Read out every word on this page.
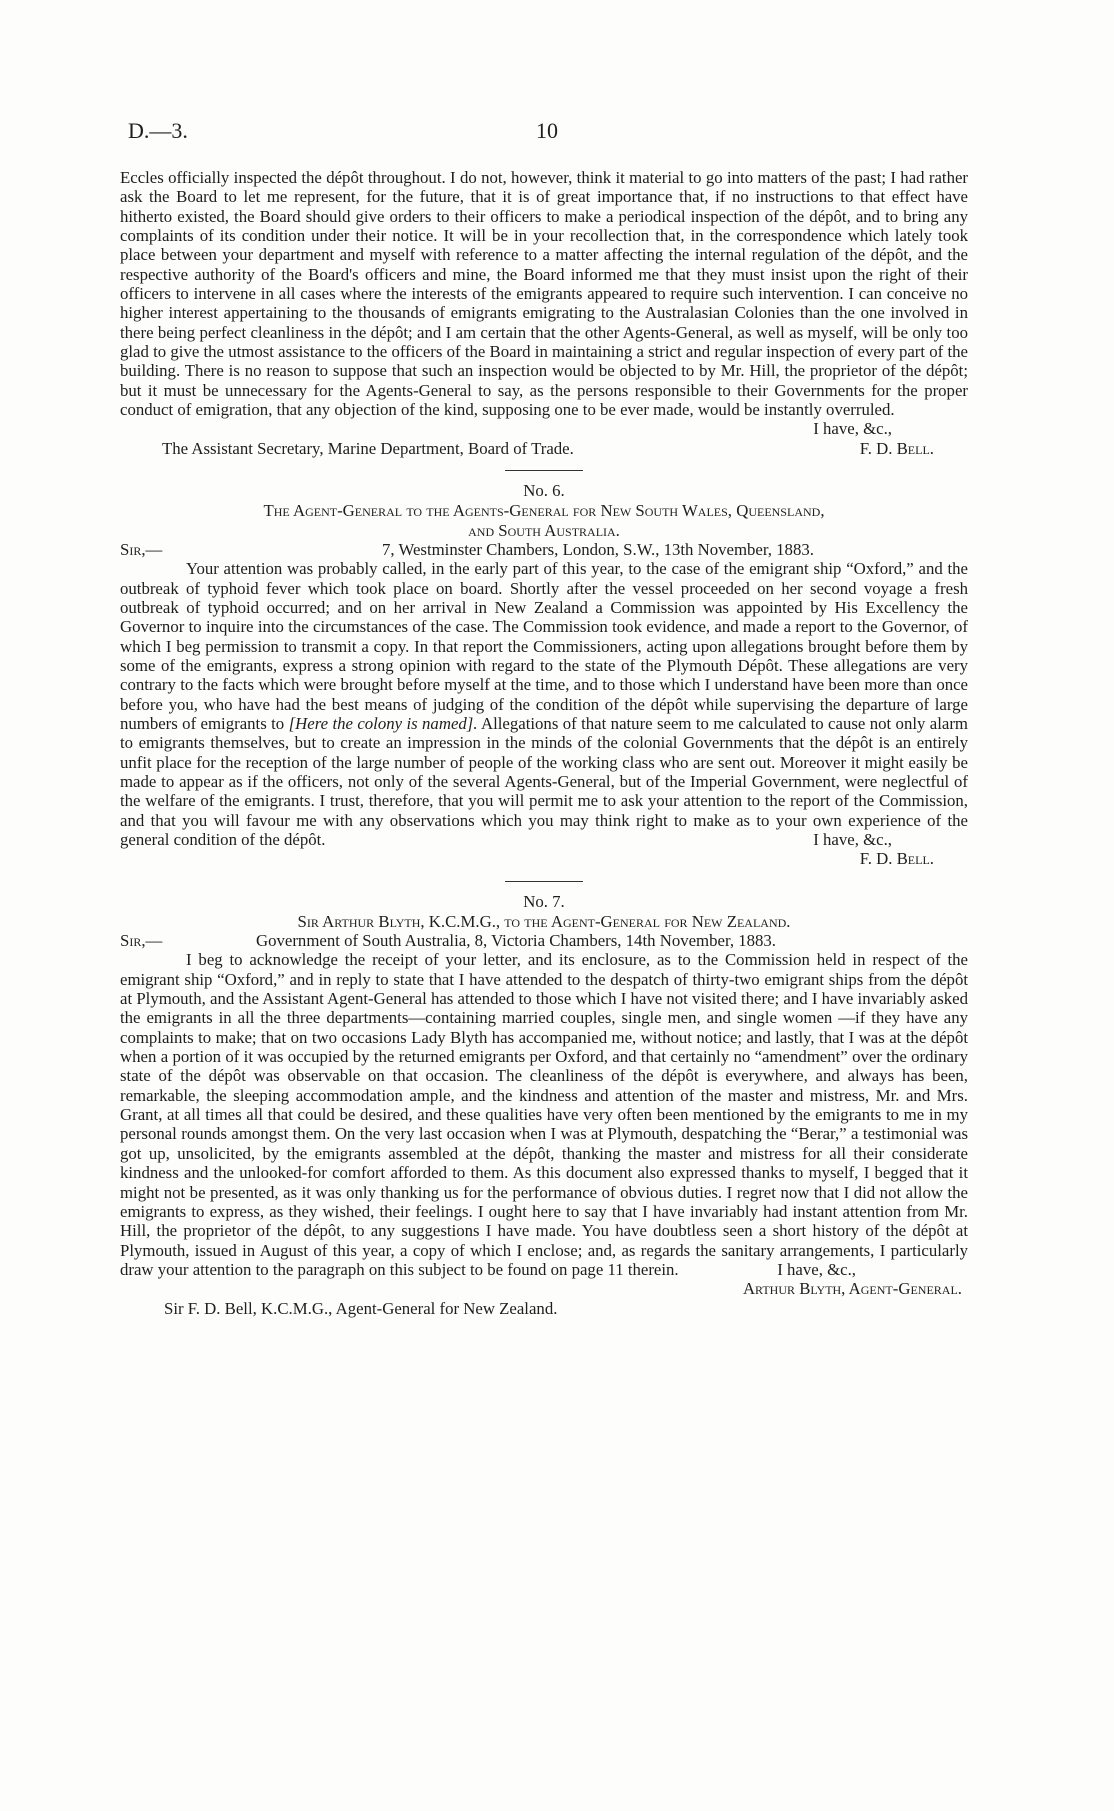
D.—3.	10

Eccles officially inspected the dépôt throughout. I do not, however, think it material to go into matters of the past; I had rather ask the Board to let me represent, for the future, that it is of great importance that, if no instructions to that effect have hitherto existed, the Board should give orders to their officers to make a periodical inspection of the dépôt, and to bring any complaints of its condition under their notice. It will be in your recollection that, in the correspondence which lately took place between your department and myself with reference to a matter affecting the internal regulation of the dépôt, and the respective authority of the Board's officers and mine, the Board informed me that they must insist upon the right of their officers to intervene in all cases where the interests of the emigrants appeared to require such intervention. I can conceive no higher interest appertaining to the thousands of emigrants emigrating to the Australasian Colonies than the one involved in there being perfect cleanliness in the dépôt; and I am certain that the other Agents-General, as well as myself, will be only too glad to give the utmost assistance to the officers of the Board in maintaining a strict and regular inspection of every part of the building. There is no reason to suppose that such an inspection would be objected to by Mr. Hill, the proprietor of the dépôt; but it must be unnecessary for the Agents-General to say, as the persons responsible to their Governments for the proper conduct of emigration, that any objection of the kind, supposing one to be ever made, would be instantly overruled.

I have, &c.,
The Assistant Secretary, Marine Department, Board of Trade.	F. D. Bell.
No. 6.
The Agent-General to the Agents-General for New South Wales, Queensland,
and South Australia.
Sir,—	7, Westminster Chambers, London, S.W., 13th November, 1883.

Your attention was probably called, in the early part of this year, to the case of the emigrant ship “Oxford,” and the outbreak of typhoid fever which took place on board. Shortly after the vessel proceeded on her second voyage a fresh outbreak of typhoid occurred; and on her arrival in New Zealand a Commission was appointed by His Excellency the Governor to inquire into the circumstances of the case. The Commission took evidence, and made a report to the Governor, of which I beg permission to transmit a copy. In that report the Commissioners, acting upon allegations brought before them by some of the emigrants, express a strong opinion with regard to the state of the Plymouth Dépôt. These allegations are very contrary to the facts which were brought before myself at the time, and to those which I understand have been more than once before you, who have had the best means of judging of the condition of the dépôt while supervising the departure of large numbers of emigrants to [Here the colony is named]. Allegations of that nature seem to me calculated to cause not only alarm to emigrants themselves, but to create an impression in the minds of the colonial Governments that the dépôt is an entirely unfit place for the reception of the large number of people of the working class who are sent out. Moreover it might easily be made to appear as if the officers, not only of the several Agents-General, but of the Imperial Government, were neglectful of the welfare of the emigrants. I trust, therefore, that you will permit me to ask your attention to the report of the Commission, and that you will favour me with any observations which you may think right to make as to your own experience of the general condition of the dépôt.	I have, &c.,
F. D. Bell.
No. 7.
Sir Arthur Blyth, K.C.M.G., to the Agent-General for New Zealand.
Sir,—	Government of South Australia, 8, Victoria Chambers, 14th November, 1883.

I beg to acknowledge the receipt of your letter, and its enclosure, as to the Commission held in respect of the emigrant ship “Oxford,” and in reply to state that I have attended to the despatch of thirty-two emigrant ships from the dépôt at Plymouth, and the Assistant Agent-General has attended to those which I have not visited there; and I have invariably asked the emigrants in all the three departments—containing married couples, single men, and single women —if they have any complaints to make; that on two occasions Lady Blyth has accompanied me, without notice; and lastly, that I was at the dépôt when a portion of it was occupied by the returned emigrants per Oxford, and that certainly no “amendment” over the ordinary state of the dépôt was observable on that occasion. The cleanliness of the dépôt is everywhere, and always has been, remarkable, the sleeping accommodation ample, and the kindness and attention of the master and mistress, Mr. and Mrs. Grant, at all times all that could be desired, and these qualities have very often been mentioned by the emigrants to me in my personal rounds amongst them. On the very last occasion when I was at Plymouth, despatching the “Berar,” a testimonial was got up, unsolicited, by the emigrants assembled at the dépôt, thanking the master and mistress for all their considerate kindness and the unlooked-for comfort afforded to them. As this document also expressed thanks to myself, I begged that it might not be presented, as it was only thanking us for the performance of obvious duties. I regret now that I did not allow the emigrants to express, as they wished, their feelings. I ought here to say that I have invariably had instant attention from Mr. Hill, the proprietor of the dépôt, to any suggestions I have made. You have doubtless seen a short history of the dépôt at Plymouth, issued in August of this year, a copy of which I enclose; and, as regards the sanitary arrangements, I particularly draw your attention to the paragraph on this subject to be found on page 11 therein.	I have, &c.,
Arthur Blyth, Agent-General.
Sir F. D. Bell, K.C.M.G., Agent-General for New Zealand.
